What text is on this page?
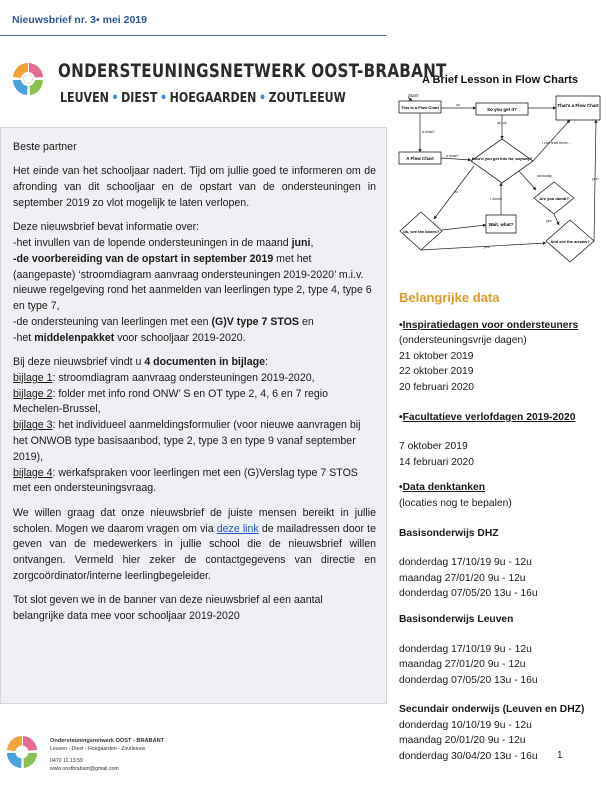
Nieuwsbrief nr. 3• mei 2019
ONDERSTEUNINGSNETWERK OOST-BRABANT
LEUVEN • DIEST • HOEGAARDEN • ZOUTLEEUW

Beste partner

Het einde van het schooljaar nadert. Tijd om jullie goed te informeren om de afronding van dit schooljaar en de opstart van de ondersteuningen in september 2019 zo vlot mogelijk te laten verlopen.

Deze nieuwsbrief bevat informatie over:
-het invullen van de lopende ondersteuningen in de maand juni,
-de voorbereiding van de opstart in september 2019 met het (aangepaste) ‘stroomdiagram aanvraag ondersteuningen 2019-2020’ m.i.v. nieuwe regelgeving rond het aanmelden van leerlingen type 2, type 4, type 6 en type 7,
-de ondersteuning van leerlingen met een (G)V type 7 STOS en
-het middelenpakket voor schooljaar 2019-2020.

Bij deze nieuwsbrief vindt u 4 documenten in bijlage:
bijlage 1: stroomdiagram aanvraag ondersteuningen 2019-2020,
bijlage 2: folder met info rond ONW’ S en OT type 2, 4, 6 en 7 regio Mechelen-Brussel,
bijlage 3: het individueel aanmeldingsformulier (voor nieuwe aanvragen bij het ONWOB type basisaanbod, type 2, type 3 en type 9 vanaf september 2019),
bijlage 4: werkafspraken voor leerlingen met een (G)Verslag type 7 STOS met een ondersteuningsvraag.

We willen graag dat onze nieuwsbrief de juiste mensen bereikt in jullie scholen. Mogen we daarom vragen om via deze link de mailadressen door te geven van de medewerkers in jullie school die de nieuwsbrief willen ontvangen. Vermeld hier zeker de contactgegevens van directie en zorgcoördinator/interne leerlingbegeleider.

Tot slot geven we in de banner van deze nieuwsbrief al een aantal belangrijke data mee voor schooljaar 2019-2020

A Brief Lesson in Flow Charts
Start!
This is a Flow Chart	So you get it?
That's a Flow Chart
A Flow Chart	How'd you get this far, anyway?
Are you dumb?
Ok, see the boxes?
Wait, what?
And see the arrows?
ok
a what?
ok, ok
a what?
I can read these...
obviously
no
I dunno
yes
yes!
yes
Belangrijke data
•Inspiratiedagen voor ondersteuners
(ondersteuningsvrije dagen)
21 oktober 2019
22 oktober 2019
20 februari 2020
•Facultatieve verlofdagen 2019-2020

7 oktober 2019
14 februari 2020
•Data denktanken
(locaties nog te bepalen)
Basisonderwijs DHZ
donderdag 17/10/19 9u - 12u
maandag 27/01/20 9u - 12u
donderdag 07/05/20 13u - 16u
Basisonderwijs Leuven
donderdag 17/10/19 9u - 12u
maandag 27/01/20 9u - 12u
donderdag 07/05/20 13u - 16u
Secundair onderwijs (Leuven en DHZ)
donderdag 10/10/19 9u - 12u
maandag 20/01/20 9u - 12u
donderdag 30/04/20 13u - 16u	1
Ondersteuningsnetwerk OOST - BRABANT
Leuven - Diest - Hoegaarden - Zoutleeuw
0470 11 13 59
www.oostbrabant@gmail.com
